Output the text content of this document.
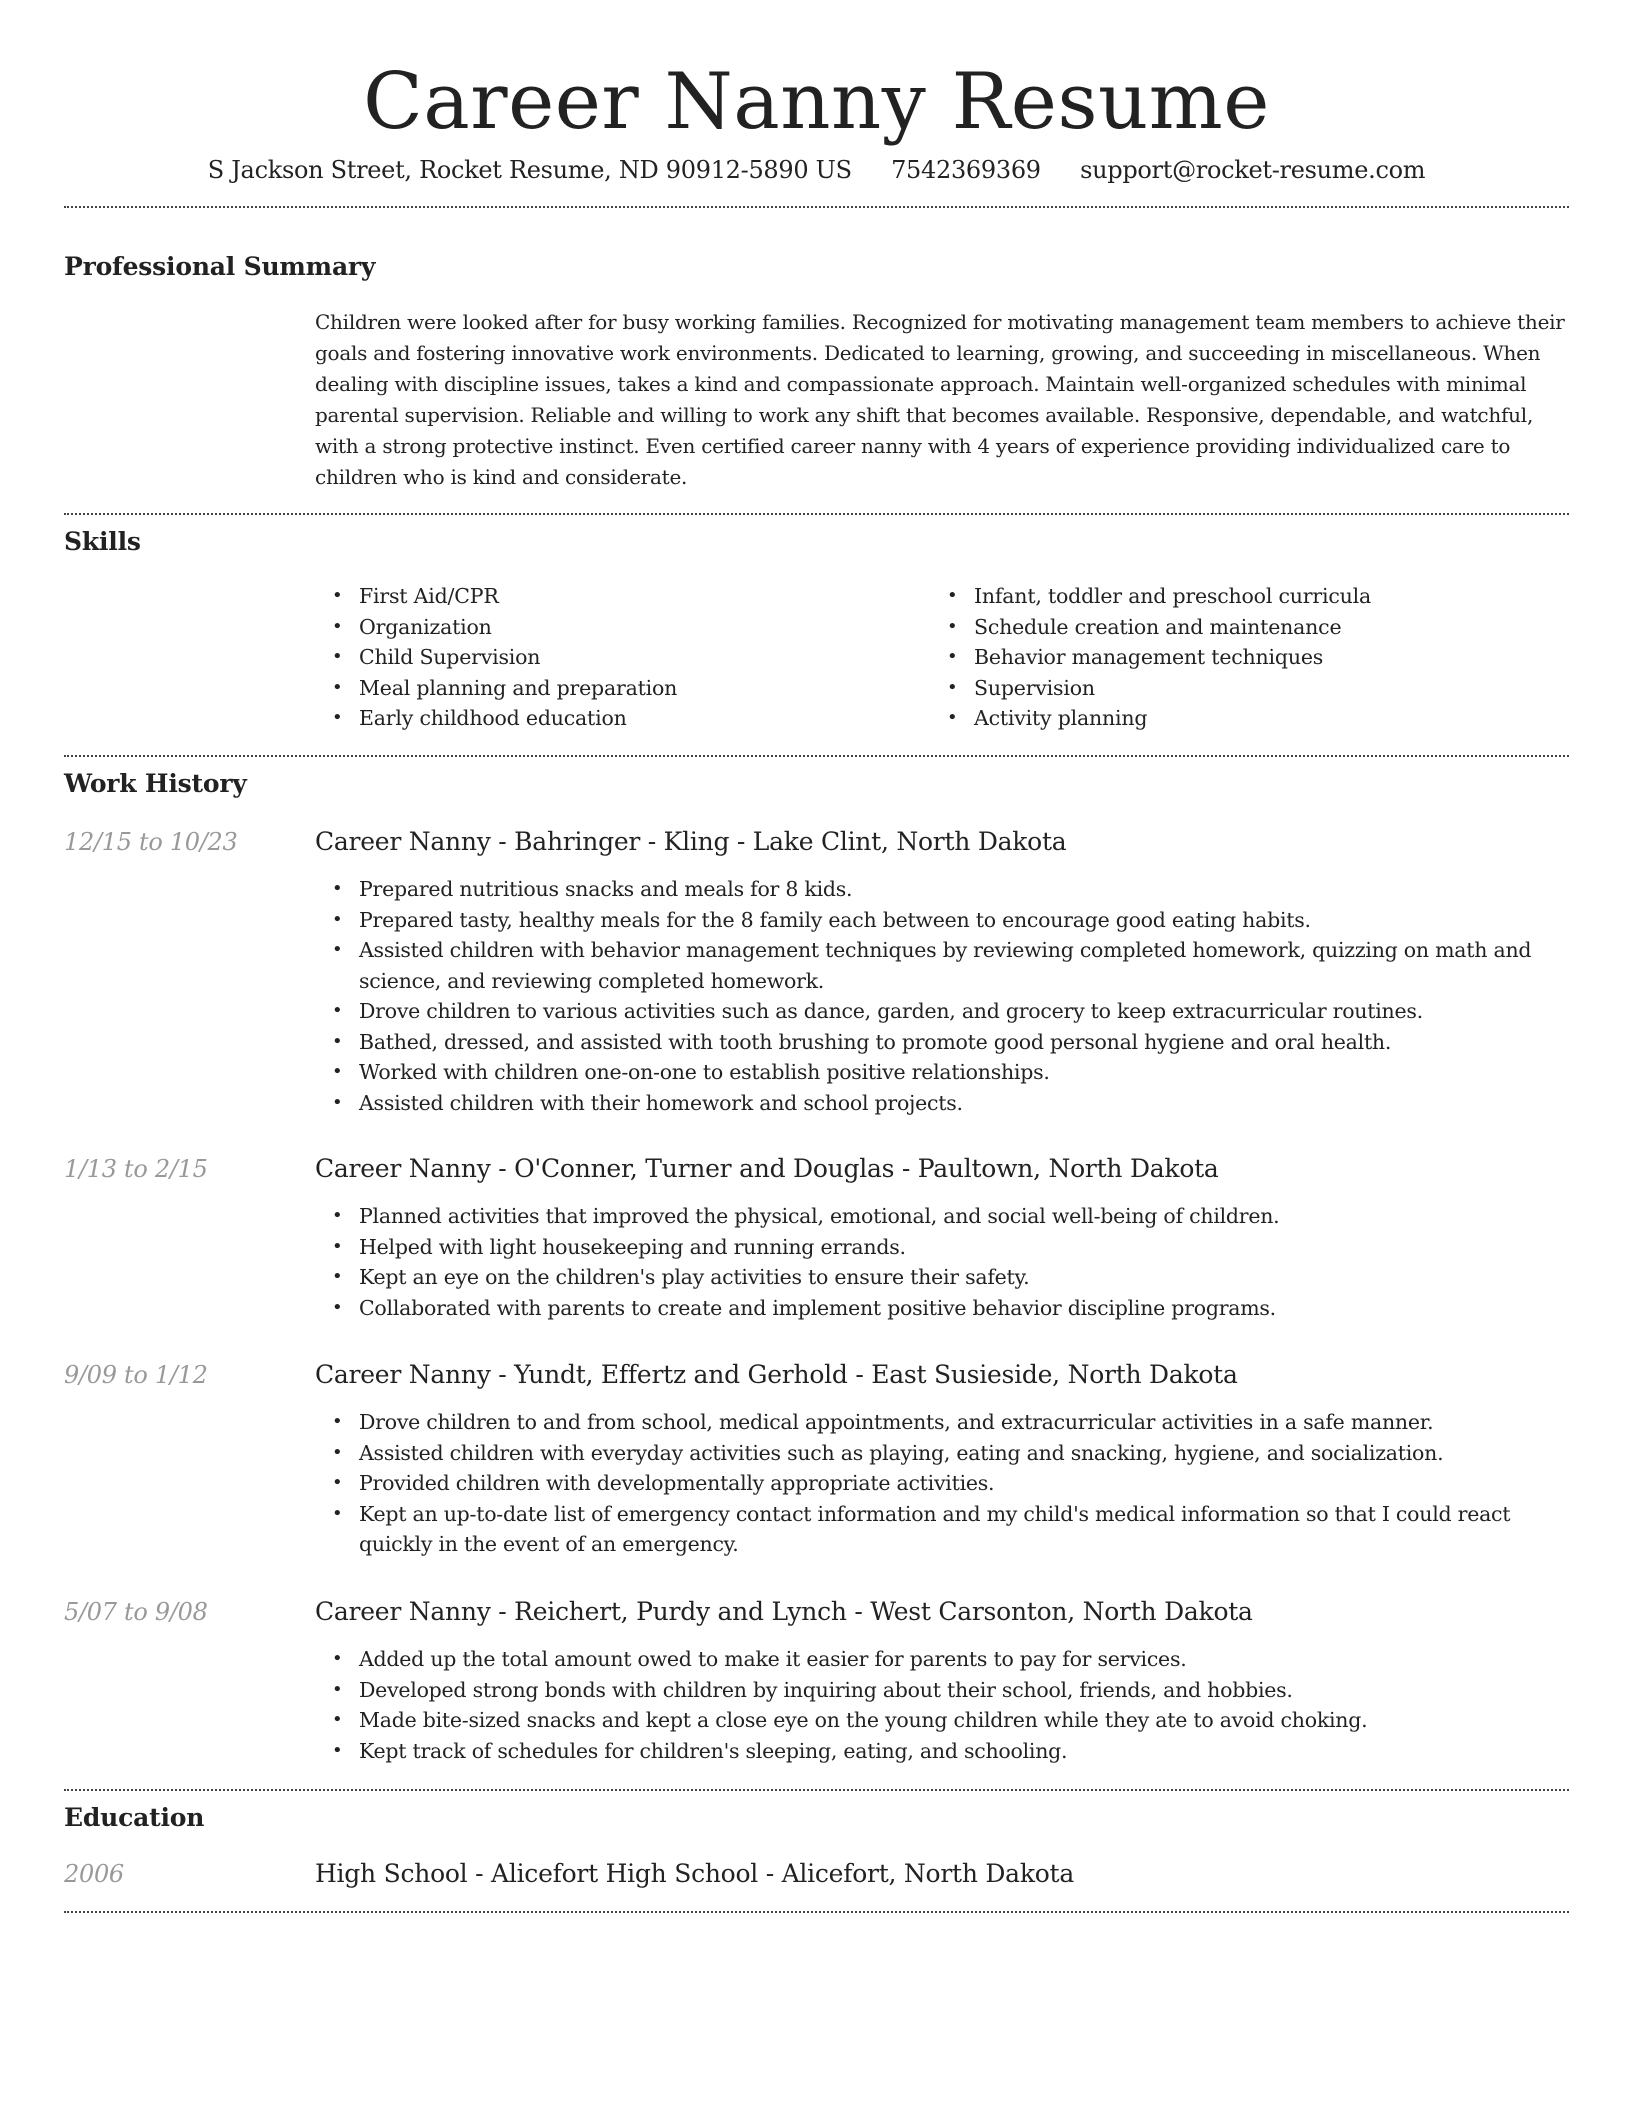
Career Nanny Resume
S Jackson Street, Rocket Resume, ND 90912-5890 US 7542369369 support@rocket-resume.com
Professional Summary

Children were looked after for busy working families. Recognized for motivating management team members to achieve their goals and fostering innovative work environments. Dedicated to learning, growing, and succeeding in miscellaneous. When dealing with discipline issues, takes a kind and compassionate approach. Maintain well-organized schedules with minimal parental supervision. Reliable and willing to work any shift that becomes available. Responsive, dependable, and watchful, with a strong protective instinct. Even certified career nanny with 4 years of experience providing individualized care to children who is kind and considerate.

Skills
• First Aid/CPR
• Organization
• Child Supervision
• Meal planning and preparation
• Early childhood education
• Infant, toddler and preschool curricula
• Schedule creation and maintenance
• Behavior management techniques
• Supervision
• Activity planning
Work History
12/15 to 10/23	Career Nanny - Bahringer - Kling - Lake Clint, North Dakota
• Prepared nutritious snacks and meals for 8 kids.
• Prepared tasty, healthy meals for the 8 family each between to encourage good eating habits.
• Assisted children with behavior management techniques by reviewing completed homework, quizzing on math and science, and reviewing completed homework.
• Drove children to various activities such as dance, garden, and grocery to keep extracurricular routines.
• Bathed, dressed, and assisted with tooth brushing to promote good personal hygiene and oral health.
• Worked with children one-on-one to establish positive relationships.
• Assisted children with their homework and school projects.
1/13 to 2/15	Career Nanny - O'Conner, Turner and Douglas - Paultown, North Dakota
• Planned activities that improved the physical, emotional, and social well-being of children.
• Helped with light housekeeping and running errands.
• Kept an eye on the children's play activities to ensure their safety.
• Collaborated with parents to create and implement positive behavior discipline programs.
9/09 to 1/12	Career Nanny - Yundt, Effertz and Gerhold - East Susieside, North Dakota
• Drove children to and from school, medical appointments, and extracurricular activities in a safe manner.
• Assisted children with everyday activities such as playing, eating and snacking, hygiene, and socialization.
• Provided children with developmentally appropriate activities.
• Kept an up-to-date list of emergency contact information and my child's medical information so that I could react quickly in the event of an emergency.
5/07 to 9/08	Career Nanny - Reichert, Purdy and Lynch - West Carsonton, North Dakota
• Added up the total amount owed to make it easier for parents to pay for services.
• Developed strong bonds with children by inquiring about their school, friends, and hobbies.
• Made bite-sized snacks and kept a close eye on the young children while they ate to avoid choking.
• Kept track of schedules for children's sleeping, eating, and schooling.
Education
2006	High School - Alicefort High School - Alicefort, North Dakota
